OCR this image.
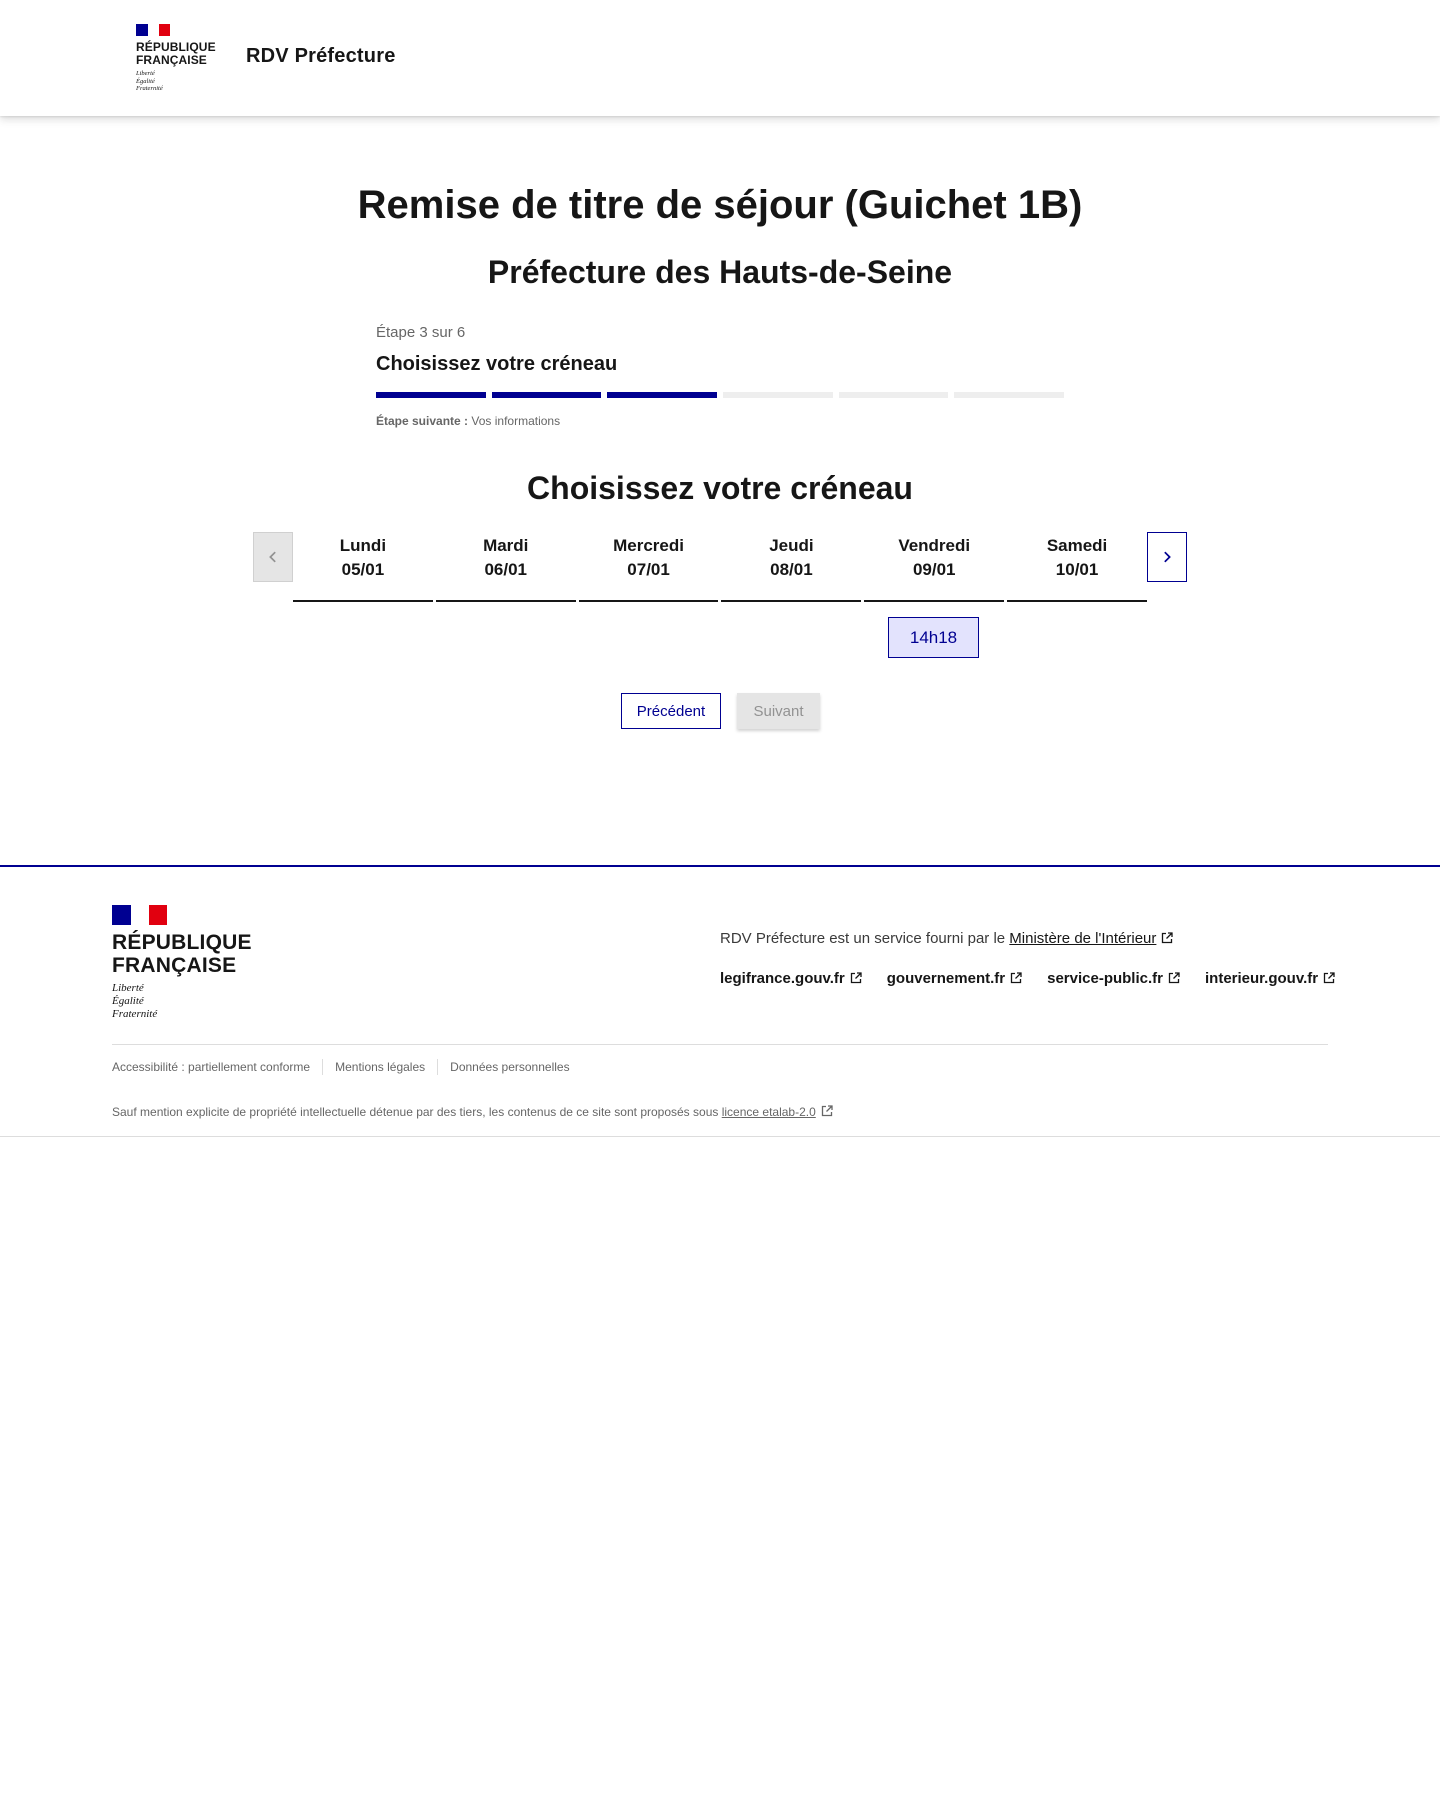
RÉPUBLIQUE
FRANÇAISE
Liberté
Égalité
Fraternité
RDV Préfecture
Remise de titre de séjour (Guichet 1B)
Préfecture des Hauts-de-Seine
Étape 3 sur 6
Choisissez votre créneau
Étape suivante : Vos informations
Choisissez votre créneau
Lundi
05/01
Mardi
06/01
Mercredi
07/01
Jeudi
08/01
Vendredi
09/01
Samedi
10/01
14h18
Précédent	Suivant
RÉPUBLIQUE
FRANÇAISE
Liberté
Égalité
Fraternité
RDV Préfecture est un service fourni par le Ministère de l'Intérieur
legifrance.gouv.fr	gouvernement.fr	service-public.fr	interieur.gouv.fr
Accessibilité : partiellement conforme Mentions légales Données personnelles
Sauf mention explicite de propriété intellectuelle détenue par des tiers, les contenus de ce site sont proposés sous licence etalab-2.0
